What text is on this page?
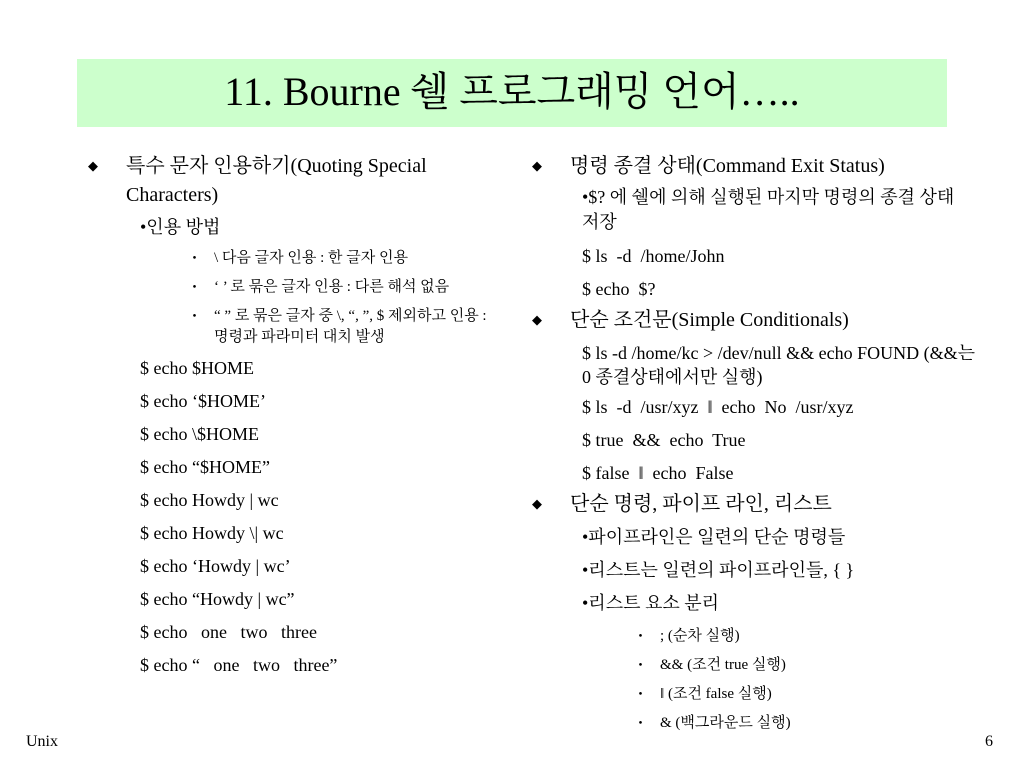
11. Bourne 쉘 프로그래밍 언어…..
◆ 특수 문자 인용하기(Quoting Special Characters)
•인용 방법
・ \ 다음 글자 인용 : 한 글자 인용
・ ‘ ’ 로 묶은 글자 인용 : 다른 해석 없음
・ “ ” 로 묶은 글자 중 \, “, ”, $ 제외하고 인용 : 명령과 파라미터 대치 발생
$ echo $HOME
$ echo ‘$HOME’
$ echo \$HOME
$ echo “$HOME”
$ echo Howdy | wc
$ echo Howdy \| wc
$ echo ‘Howdy | wc’
$ echo “Howdy | wc”
$ echo   one   two   three
$ echo “   one   two   three”
◆ 명령 종결 상태(Command Exit Status)
•$? 에 쉘에 의해 실행된 마지막 명령의 종결 상태 저장
$ ls  -d  /home/John
$ echo  $?
◆ 단순 조건문(Simple Conditionals)
$ ls -d /home/kc > /dev/null && echo FOUND (&&는 0 종결상태에서만 실행)
$ ls  -d  /usr/xyz  ‖  echo  No  /usr/xyz
$ true  &&  echo  True
$ false  ‖  echo  False
◆ 단순 명령, 파이프 라인, 리스트
•파이프라인은 일련의 단순 명령들
•리스트는 일련의 파이프라인들, { }
•리스트 요소 분리
・ ; (순차 실행)
・ && (조건 true 실행)
・ ‖ (조건 false 실행)
・ & (백그라운드 실행)
Unix	6
